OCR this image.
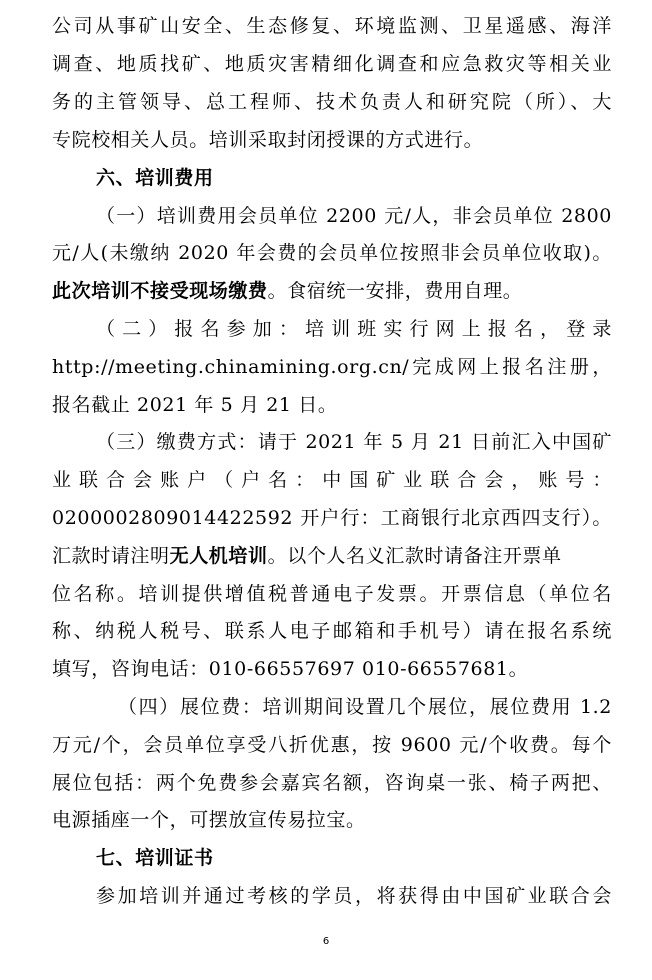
公司从事矿山安全、生态修复、环境监测、卫星遥感、海洋
调查、地质找矿、地质灾害精细化调查和应急救灾等相关业
务的主管领导、总工程师、技术负责人和研究院（所）、大
专院校相关人员。培训采取封闭授课的方式进行。
六、培训费用
（一）培训费用会员单位 2200 元/人，非会员单位 2800
元/人(未缴纳 2020 年会费的会员单位按照非会员单位收取)。
此次培训不接受现场缴费。食宿统一安排，费用自理。
（二）报名参加：培训班实行网上报名，登录
http://meeting.chinamining.org.cn/完成网上报名注册，
报名截止 2021 年 5 月 21 日。
（三）缴费方式：请于 2021 年 5 月 21 日前汇入中国矿
业联合会账户（户名：中国矿业联合会，账号：
0200002809014422592 开户行：工商银行北京西四支行）。
汇款时请注明无人机培训。以个人名义汇款时请备注开票单
位名称。培训提供增值税普通电子发票。开票信息（单位名
称、纳税人税号、联系人电子邮箱和手机号）请在报名系统
填写，咨询电话：010-66557697 010-66557681。
（四）展位费：培训期间设置几个展位，展位费用 1.2
万元/个，会员单位享受八折优惠，按 9600 元/个收费。每个
展位包括：两个免费参会嘉宾名额，咨询桌一张、椅子两把、
电源插座一个，可摆放宣传易拉宝。
七、培训证书
参加培训并通过考核的学员，将获得由中国矿业联合会
6
